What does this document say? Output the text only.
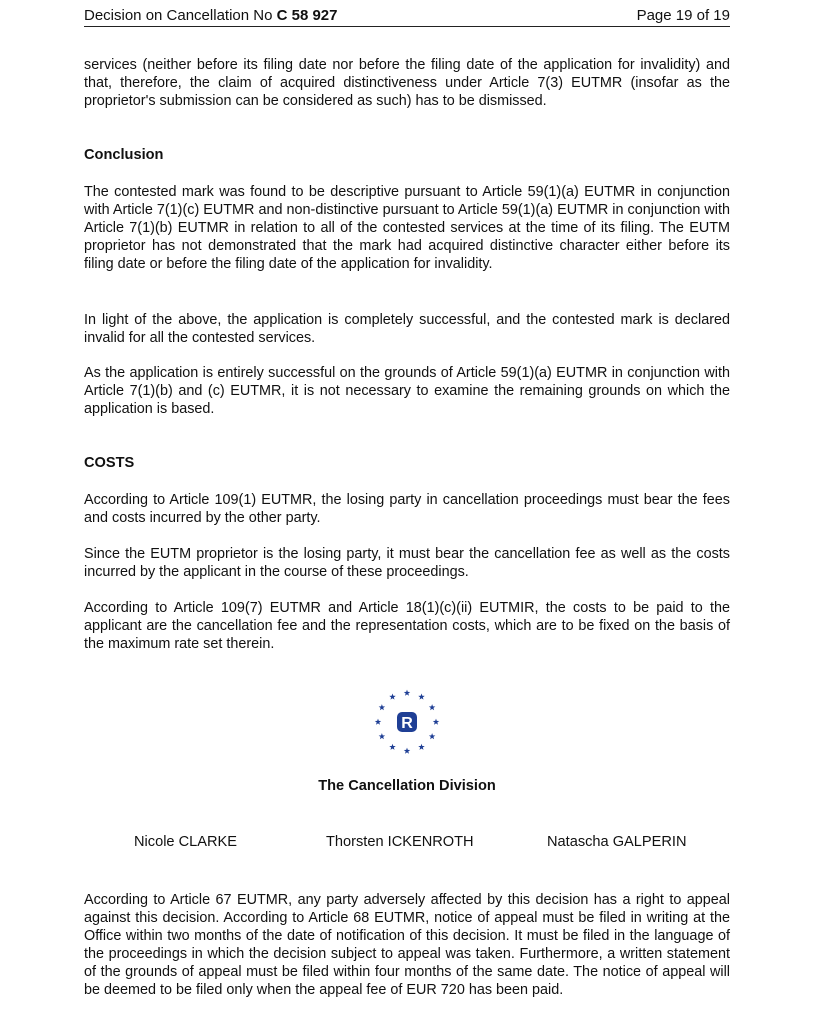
Decision on Cancellation No C 58 927	Page 19 of 19

services (neither before its filing date nor before the filing date of the application for invalidity) and that, therefore, the claim of acquired distinctiveness under Article 7(3) EUTMR (insofar as the proprietor's submission can be considered as such) has to be dismissed.

Conclusion

The contested mark was found to be descriptive pursuant to Article 59(1)(a) EUTMR in conjunction with Article 7(1)(c) EUTMR and non-distinctive pursuant to Article 59(1)(a) EUTMR in conjunction with Article 7(1)(b) EUTMR in relation to all of the contested services at the time of its filing. The EUTM proprietor has not demonstrated that the mark had acquired distinctive character either before its filing date or before the filing date of the application for invalidity.

In light of the above, the application is completely successful, and the contested mark is declared invalid for all the contested services.

As the application is entirely successful on the grounds of Article 59(1)(a) EUTMR in conjunction with Article 7(1)(b) and (c) EUTMR, it is not necessary to examine the remaining grounds on which the application is based.

COSTS

According to Article 109(1) EUTMR, the losing party in cancellation proceedings must bear the fees and costs incurred by the other party.

Since the EUTM proprietor is the losing party, it must bear the cancellation fee as well as the costs incurred by the applicant in the course of these proceedings.

According to Article 109(7) EUTMR and Article 18(1)(c)(ii) EUTMIR, the costs to be paid to the applicant are the cancellation fee and the representation costs, which are to be fixed on the basis of the maximum rate set therein.

R
The Cancellation Division
Nicole CLARKE	Thorsten ICKENROTH	Natascha GALPERIN

According to Article 67 EUTMR, any party adversely affected by this decision has a right to appeal against this decision. According to Article 68 EUTMR, notice of appeal must be filed in writing at the Office within two months of the date of notification of this decision. It must be filed in the language of the proceedings in which the decision subject to appeal was taken. Furthermore, a written statement of the grounds of appeal must be filed within four months of the same date. The notice of appeal will be deemed to be filed only when the appeal fee of EUR 720 has been paid.
